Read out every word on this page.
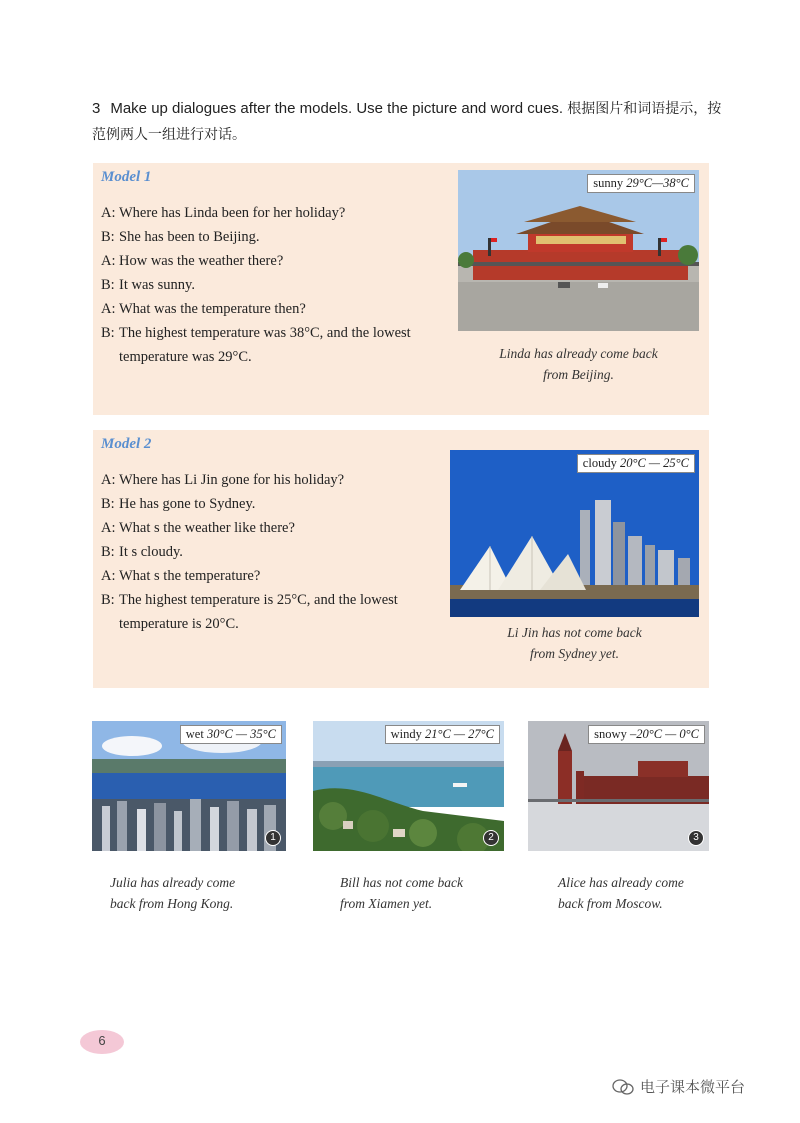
3 Make up dialogues after the models. Use the picture and word cues. 根据图片和词语提示，按范例两人一组进行对话。
Model 1
A: Where has Linda been for her holiday?
B: She has been to Beijing.
A: How was the weather there?
B: It was sunny.
A: What was the temperature then?
B: The highest temperature was 38°C, and the lowest temperature was 29°C.
sunny 29°C—38°C
Linda has already come back
from Beijing.
Model 2
A: Where has Li Jin gone for his holiday?
B: He has gone to Sydney.
A: What s the weather like there?
B: It s cloudy.
A: What s the temperature?
B: The highest temperature is 25°C, and the lowest temperature is 20°C.
cloudy 20°C — 25°C
Li Jin has not come back
from Sydney yet.
wet 30°C — 35°C
1
windy 21°C — 27°C
2
snowy –20°C — 0°C
3
Julia has already come
back from Hong Kong.
Bill has not come back
from Xiamen yet.
Alice has already come
back from Moscow.
6
电子课本微平台
